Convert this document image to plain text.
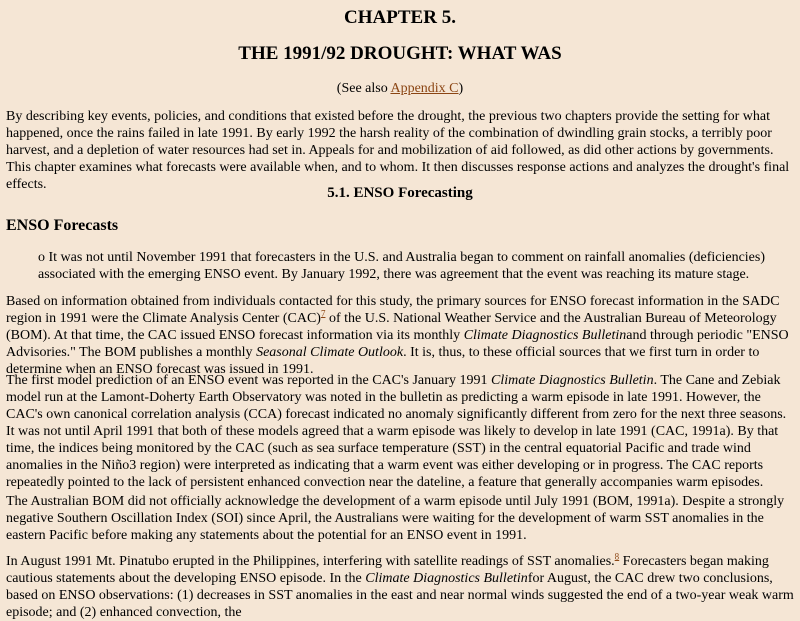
CHAPTER 5.
THE 1991/92 DROUGHT: WHAT WAS

(See also Appendix C)

By describing key events, policies, and conditions that existed before the drought, the previous two chapters provide the setting for what happened, once the rains failed in late 1991. By early 1992 the harsh reality of the combination of dwindling grain stocks, a terribly poor harvest, and a depletion of water resources had set in. Appeals for and mobilization of aid followed, as did other actions by governments. This chapter examines what forecasts were available when, and to whom. It then discusses response actions and analyzes the drought's final effects.

5.1. ENSO Forecasting
ENSO Forecasts

o It was not until November 1991 that forecasters in the U.S. and Australia began to comment on rainfall anomalies (deficiencies) associated with the emerging ENSO event. By January 1992, there was agreement that the event was reaching its mature stage.

Based on information obtained from individuals contacted for this study, the primary sources for ENSO forecast information in the SADC region in 1991 were the Climate Analysis Center (CAC)$^7$ of the U.S. National Weather Service and the Australian Bureau of Meteorology (BOM). At that time, the CAC issued ENSO forecast information via its monthly Climate Diagnostics Bulletinand through periodic "ENSO Advisories." The BOM publishes a monthly Seasonal Climate Outlook. It is, thus, to these official sources that we first turn in order to determine when an ENSO forecast was issued in 1991.

The first model prediction of an ENSO event was reported in the CAC's January 1991 Climate Diagnostics Bulletin. The Cane and Zebiak model run at the Lamont-Doherty Earth Observatory was noted in the bulletin as predicting a warm episode in late 1991. However, the CAC's own canonical correlation analysis (CCA) forecast indicated no anomaly significantly different from zero for the next three seasons. It was not until April 1991 that both of these models agreed that a warm episode was likely to develop in late 1991 (CAC, 1991a). By that time, the indices being monitored by the CAC (such as sea surface temperature (SST) in the central equatorial Pacific and trade wind anomalies in the Niño3 region) were interpreted as indicating that a warm event was either developing or in progress. The CAC reports repeatedly pointed to the lack of persistent enhanced convection near the dateline, a feature that generally accompanies warm episodes.

The Australian BOM did not officially acknowledge the development of a warm episode until July 1991 (BOM, 1991a). Despite a strongly negative Southern Oscillation Index (SOI) since April, the Australians were waiting for the development of warm SST anomalies in the eastern Pacific before making any statements about the potential for an ENSO event in 1991.

In August 1991 Mt. Pinatubo erupted in the Philippines, interfering with satellite readings of SST anomalies.$^8$ Forecasters began making cautious statements about the developing ENSO episode. In the Climate Diagnostics Bulletinfor August, the CAC drew two conclusions, based on ENSO observations: (1) decreases in SST anomalies in the east and near normal winds suggested the end of a two-year weak warm episode; and (2) enhanced convection, the
